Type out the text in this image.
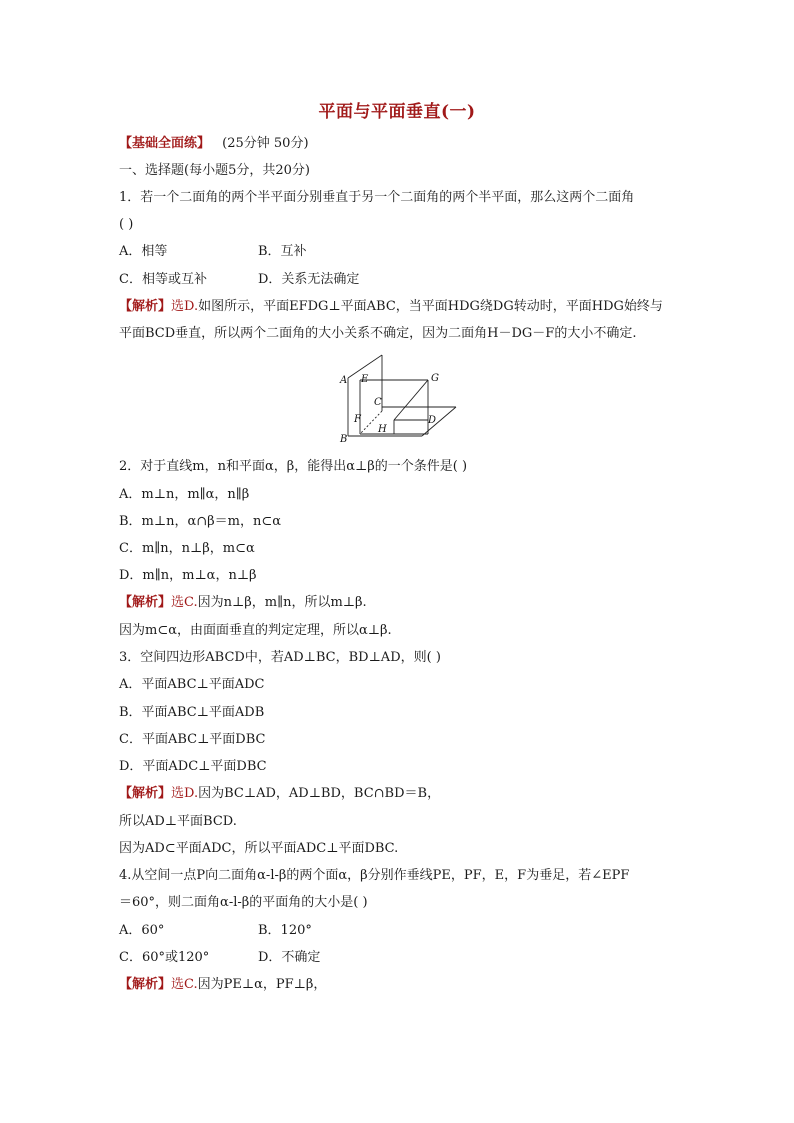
平面与平面垂直(一)
【基础全面练】 (25分钟 50分)
一、选择题(每小题5分，共20分)
1．若一个二面角的两个半平面分别垂直于另一个二面角的两个半平面，那么这两个二面角
( )
A．相等	B．互补
C．相等或互补	D．关系无法确定
【解析】选D.如图所示，平面EFDG⊥平面ABC，当平面HDG绕DG转动时，平面HDG始终与
平面BCD垂直，所以两个二面角的大小关系不确定，因为二面角H－DG－F的大小不确定.
A E	G
C
F
H
D
B
2．对于直线m，n和平面α，β，能得出α⊥β的一个条件是( )
A．m⊥n，m∥α，n∥β
B．m⊥n，α∩β＝m，n⊂α
C．m∥n，n⊥β，m⊂α
D．m∥n，m⊥α，n⊥β
【解析】选C.因为n⊥β，m∥n，所以m⊥β.
因为m⊂α，由面面垂直的判定定理，所以α⊥β.
3．空间四边形ABCD中，若AD⊥BC，BD⊥AD，则( )
A．平面ABC⊥平面ADC
B．平面ABC⊥平面ADB
C．平面ABC⊥平面DBC
D．平面ADC⊥平面DBC
【解析】选D.因为BC⊥AD，AD⊥BD，BC∩BD＝B，
所以AD⊥平面BCD.
因为AD⊂平面ADC，所以平面ADC⊥平面DBC.
4.从空间一点P向二面角α-l-β的两个面α，β分别作垂线PE，PF，E，F为垂足，若∠EPF
＝60°，则二面角α-l-β的平面角的大小是( )
A．60°	B．120°
C．60°或120°	D．不确定
【解析】选C.因为PE⊥α，PF⊥β，
